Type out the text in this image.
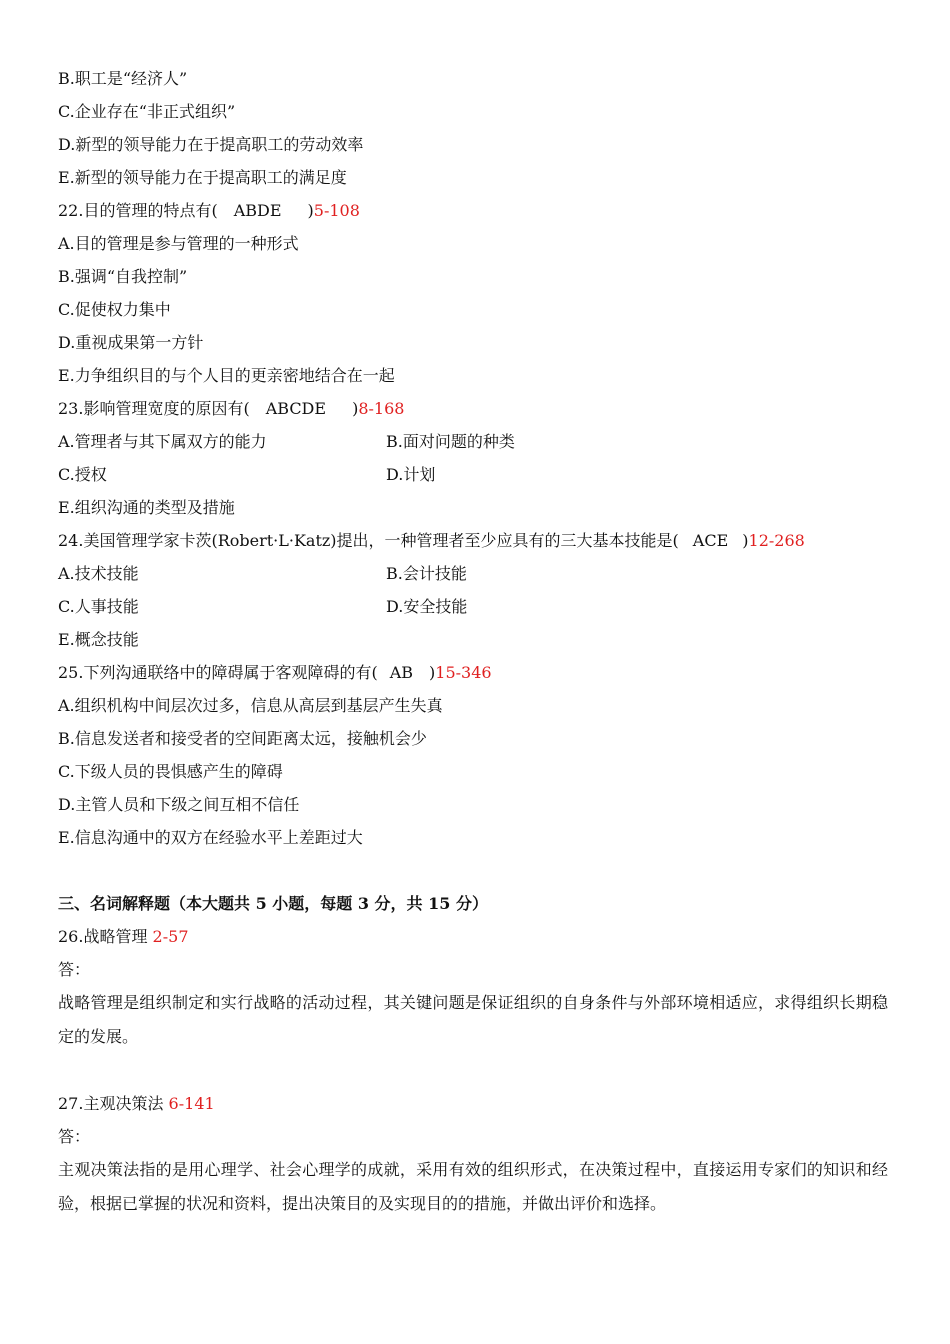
B.职工是“经济人”
C.企业存在“非正式组织”
D.新型的领导能力在于提高职工的劳动效率
E.新型的领导能力在于提高职工的满足度
22.目的管理的特点有( ABDE )5-108
A.目的管理是参与管理的一种形式
B.强调“自我控制”
C.促使权力集中
D.重视成果第一方针
E.力争组织目的与个人目的更亲密地结合在一起
23.影响管理宽度的原因有( ABCDE )8-168
A.管理者与其下属双方的能力	B.面对问题的种类
C.授权	D.计划
E.组织沟通的类型及措施
24.美国管理学家卡茨(Robert·L·Katz)提出，一种管理者至少应具有的三大基本技能是( ACE )12-268
A.技术技能	B.会计技能
C.人事技能	D.安全技能
E.概念技能
25.下列沟通联络中的障碍属于客观障碍的有( AB )15-346
A.组织机构中间层次过多，信息从高层到基层产生失真
B.信息发送者和接受者的空间距离太远，接触机会少
C.下级人员的畏惧感产生的障碍
D.主管人员和下级之间互相不信任
E.信息沟通中的双方在经验水平上差距过大
三、名词解释题（本大题共 5 小题，每题 3 分，共 15 分）
26.战略管理 2-57
答：
战略管理是组织制定和实行战略的活动过程，其关键问题是保证组织的自身条件与外部环境相适应，求得组织长期稳定的发展。
27.主观决策法 6-141
答：
主观决策法指的是用心理学、社会心理学的成就，采用有效的组织形式，在决策过程中，直接运用专家们的知识和经验，根据已掌握的状况和资料，提出决策目的及实现目的的措施，并做出评价和选择。
